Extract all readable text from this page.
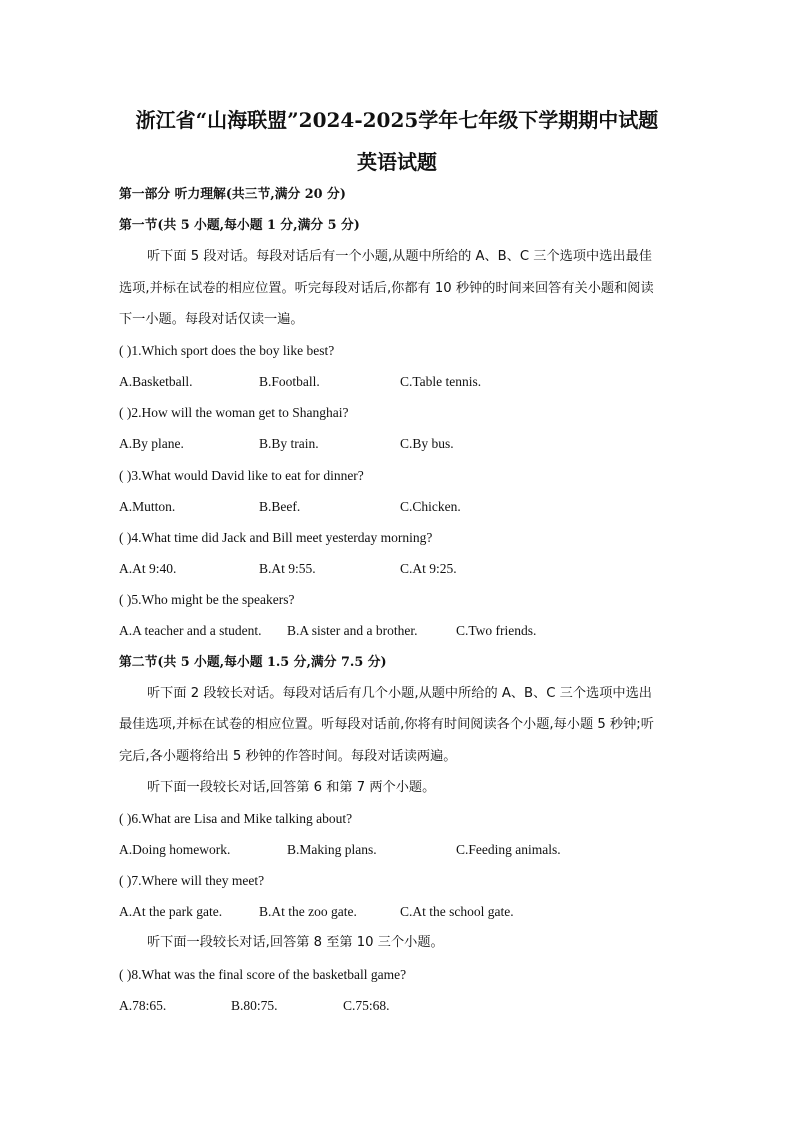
浙江省“山海联盟”2024-2025学年七年级下学期期中试题
英语试题
第一部分 听力理解(共三节,满分 20 分)
第一节(共 5 小题,每小题 1 分,满分 5 分)
听下面 5 段对话。每段对话后有一个小题,从题中所给的 A、B、C 三个选项中选出最佳
选项,并标在试卷的相应位置。听完每段对话后,你都有 10 秒钟的时间来回答有关小题和阅读
下一小题。每段对话仅读一遍。
( )1.Which sport does the boy like best?
A.Basketball.	B.Football.	C.Table tennis.
( )2.How will the woman get to Shanghai?
A.By plane.	B.By train.	C.By bus.
( )3.What would David like to eat for dinner?
A.Mutton.	B.Beef.	C.Chicken.
( )4.What time did Jack and Bill meet yesterday morning?
A.At 9:40.	B.At 9:55.	C.At 9:25.
( )5.Who might be the speakers?
A.A teacher and a student. B.A sister and a brother.	C.Two friends.
第二节(共 5 小题,每小题 1.5 分,满分 7.5 分)
听下面 2 段较长对话。每段对话后有几个小题,从题中所给的 A、B、C 三个选项中选出
最佳选项,并标在试卷的相应位置。听每段对话前,你将有时间阅读各个小题,每小题 5 秒钟;听
完后,各小题将给出 5 秒钟的作答时间。每段对话读两遍。
听下面一段较长对话,回答第 6 和第 7 两个小题。
( )6.What are Lisa and Mike talking about?
A.Doing homework.	B.Making plans.	C.Feeding animals.
( )7.Where will they meet?
A.At the park gate.	B.At the zoo gate.	C.At the school gate.
听下面一段较长对话,回答第 8 至第 10 三个小题。
( )8.What was the final score of the basketball game?
A.78:65.	B.80:75.	C.75:68.
